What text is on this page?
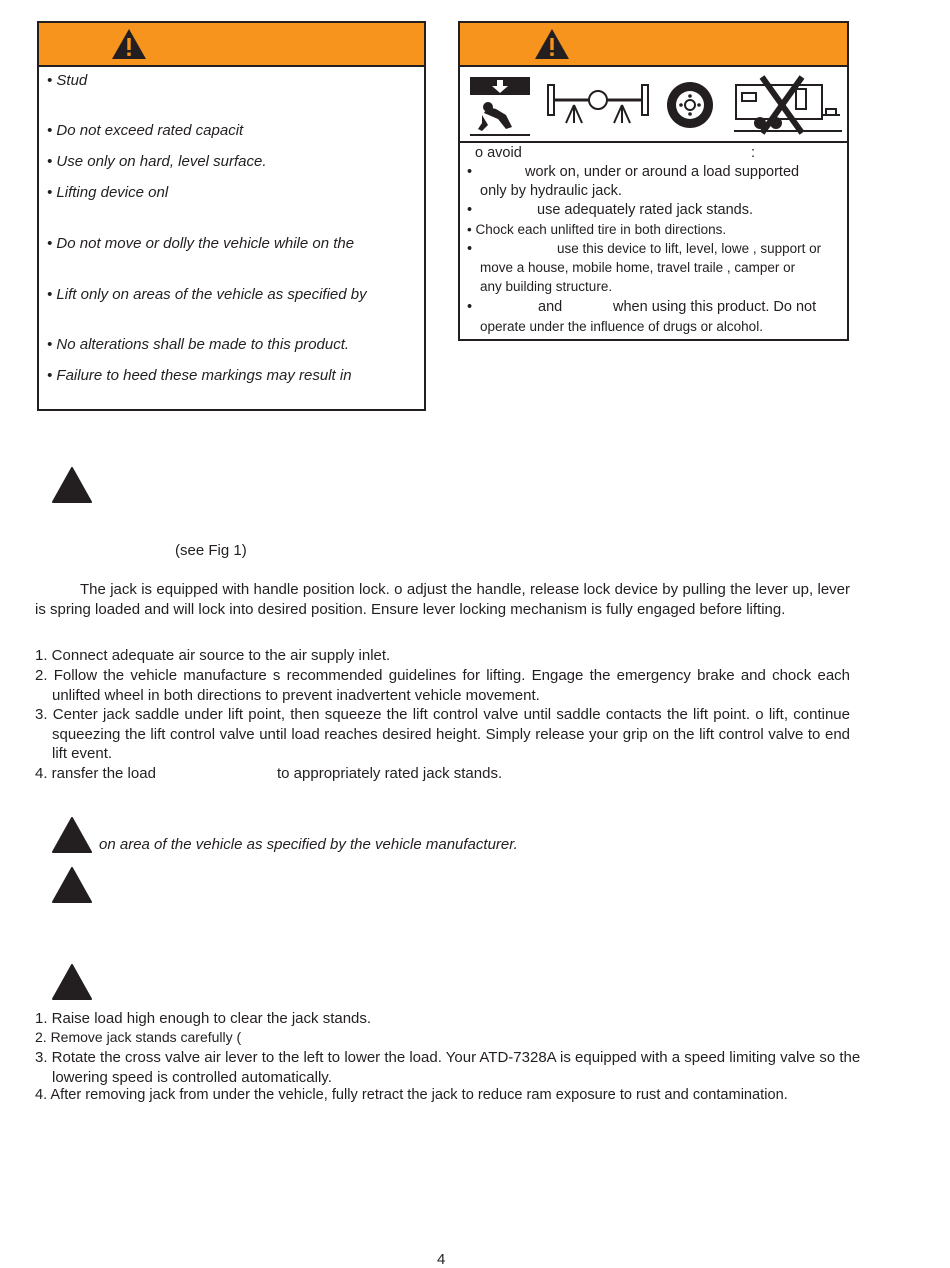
• Stud
• Do not exceed rated capacit
• Use only on hard, level surface.
• Lifting device onl
• Do not move or dolly the vehicle while on the
• Lift only on areas of the vehicle as specified by
• No alterations shall be made to this product.
• Failure to heed these markings may result in
o avoid	:
•	work on, under or around a load supported
only by hydraulic jack.
•	use adequately rated jack stands.
• Chock each unlifted tire in both directions.
•	use this device to lift, level, lowe , support or
move a house, mobile home, travel traile , camper or
any building structure.
•	and	when using this product. Do not
operate under the influence of drugs or alcohol.
(see Fig 1)
The jack is equipped with handle position lock. o adjust the handle, release lock device by pulling the lever up, lever is spring loaded and will lock into desired position. Ensure lever locking mechanism is fully engaged before lifting.
1. Connect adequate air source to the air supply inlet.
2. Follow the vehicle manufacture s recommended guidelines for lifting. Engage the emergency brake and chock each unlifted wheel in both directions to prevent inadvertent vehicle movement.
3. Center jack saddle under lift point, then squeeze the lift control valve until saddle contacts the lift point. o lift, continue squeezing the lift control valve until load reaches desired height. Simply release your grip on the lift control valve to end lift event.
4. ransfer the load	to appropriately rated jack stands.
on area of the vehicle as specified by the vehicle manufacturer.
1. Raise load high enough to clear the jack stands.
2. Remove jack stands carefully (
3. Rotate the cross valve air lever to the left to lower the load. Your ATD-7328A is equipped with a speed limiting valve so the lowering speed is controlled automatically.
4. After removing jack from under the vehicle, fully retract the jack to reduce ram exposure to rust and contamination.
4
